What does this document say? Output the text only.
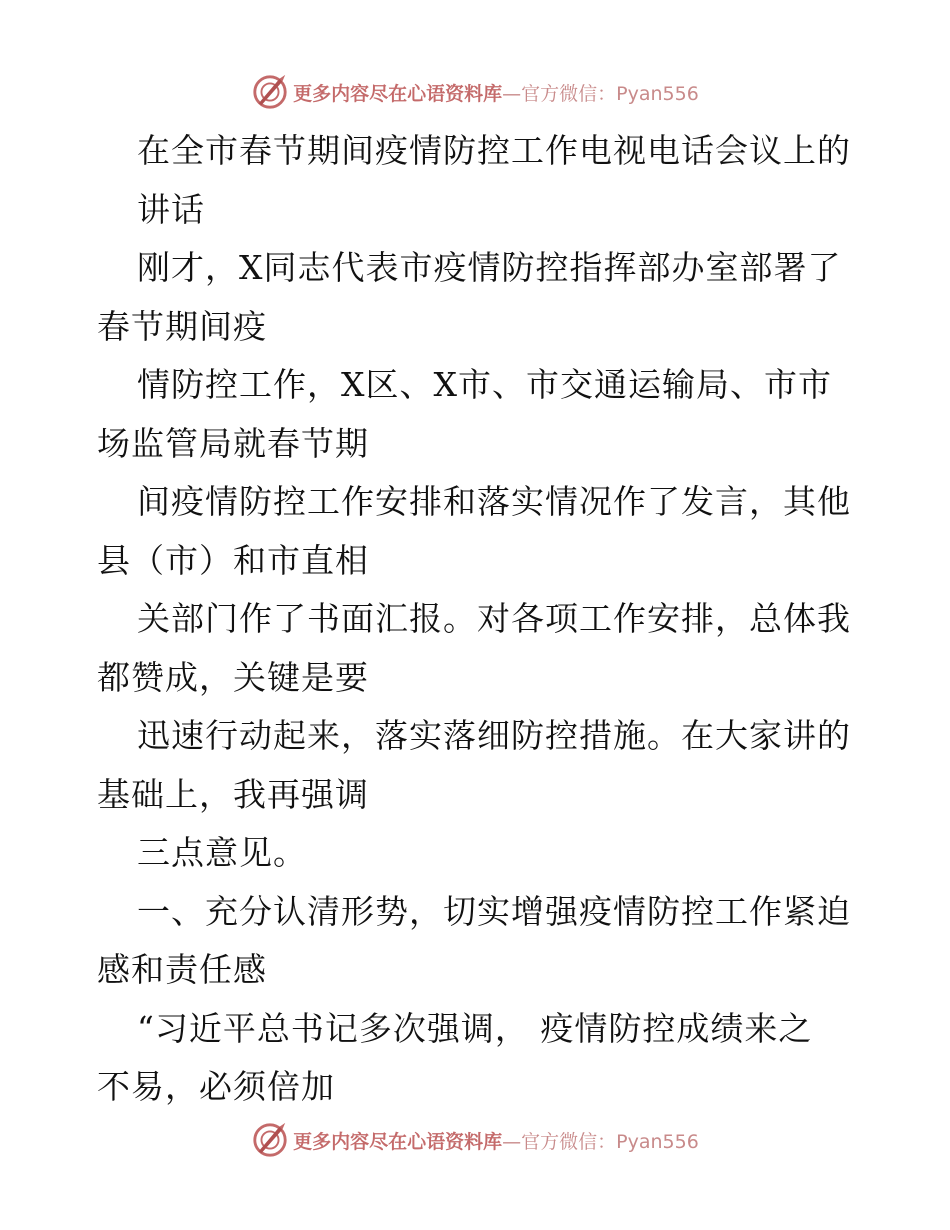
更多内容尽在心语资料库—官方微信：Pyan556
在全市春节期间疫情防控工作电视电话会议上的
讲话
刚才，X同志代表市疫情防控指挥部办室部署了
春节期间疫
情防控工作，X区、X市、市交通运输局、市市
场监管局就春节期
间疫情防控工作安排和落实情况作了发言，其他
县（市）和市直相
关部门作了书面汇报。对各项工作安排，总体我
都赞成，关键是要
迅速行动起来，落实落细防控措施。在大家讲的
基础上，我再强调
三点意见。
一、充分认清形势，切实增强疫情防控工作紧迫
感和责任感
“习近平总书记多次强调， 疫情防控成绩来之
不易，必须倍加
更多内容尽在心语资料库—官方微信：Pyan556
